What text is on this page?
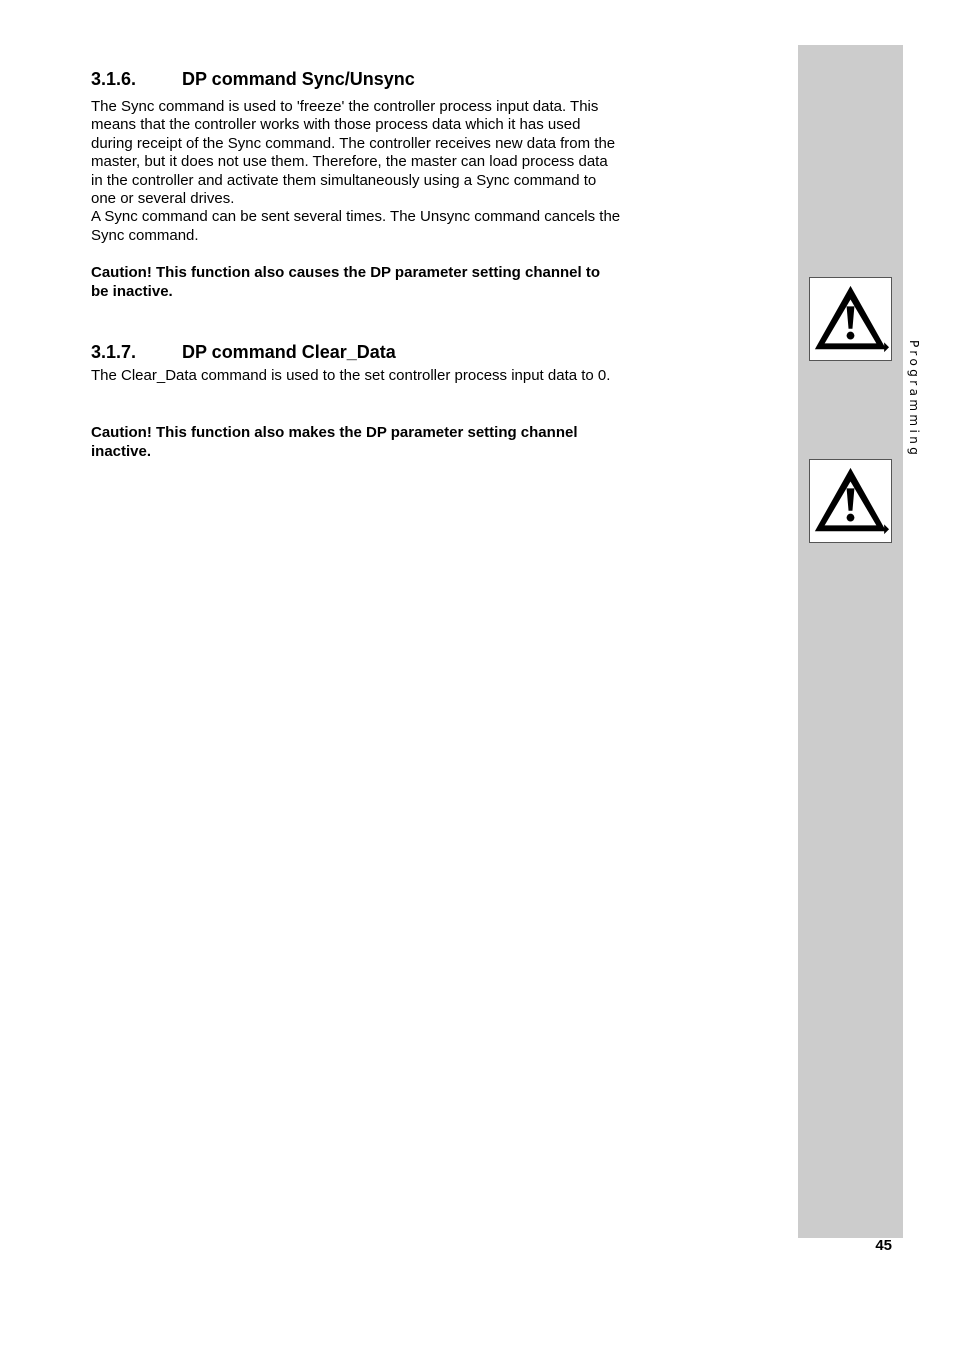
Programming
3.1.6.	DP command Sync/Unsync

The Sync command is used to 'freeze' the controller process input data. This means that the controller works with those process data which it has used during receipt of the Sync command. The controller receives new data from the master, but it does not use them. Therefore, the master can load process data in the controller and activate them simultaneously using a Sync command to one or several drives.

A Sync command can be sent several times. The Unsync command cancels the Sync command.

Caution! This function also causes the DP parameter setting channel to be inactive.

3.1.7.	DP command Clear_Data

The Clear_Data command is used to the set controller process input data to 0.

Caution! This function also makes the DP parameter setting channel inactive.

45
